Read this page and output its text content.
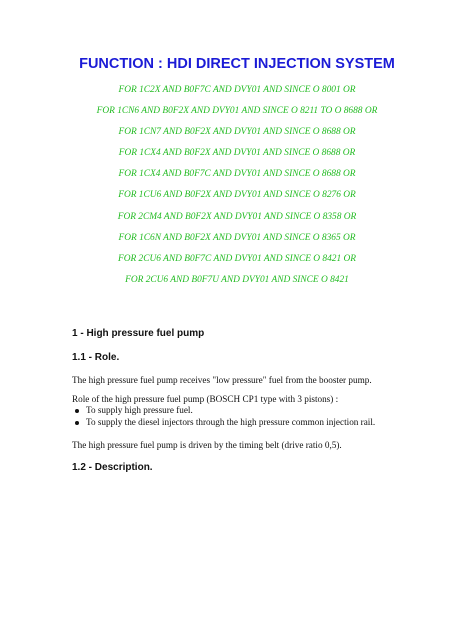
FUNCTION : HDI DIRECT INJECTION SYSTEM
FOR 1C2X AND B0F7C AND DVY01 AND SINCE O 8001 OR
FOR 1CN6 AND B0F2X AND DVY01 AND SINCE O 8211 TO O 8688 OR
FOR 1CN7 AND B0F2X AND DVY01 AND SINCE O 8688 OR
FOR 1CX4 AND B0F2X AND DVY01 AND SINCE O 8688 OR
FOR 1CX4 AND B0F7C AND DVY01 AND SINCE O 8688 OR
FOR 1CU6 AND B0F2X AND DVY01 AND SINCE O 8276 OR
FOR 2CM4 AND B0F2X AND DVY01 AND SINCE O 8358 OR
FOR 1C6N AND B0F2X AND DVY01 AND SINCE O 8365 OR
FOR 2CU6 AND B0F7C AND DVY01 AND SINCE O 8421 OR
FOR 2CU6 AND B0F7U AND DVY01 AND SINCE O 8421
1 - High pressure fuel pump
1.1 - Role.
The high pressure fuel pump receives "low pressure" fuel from the booster pump.
Role of the high pressure fuel pump (BOSCH CP1 type with 3 pistons) :
To supply high pressure fuel.
To supply the diesel injectors through the high pressure common injection rail.
The high pressure fuel pump is driven by the timing belt (drive ratio 0,5).
1.2 - Description.
